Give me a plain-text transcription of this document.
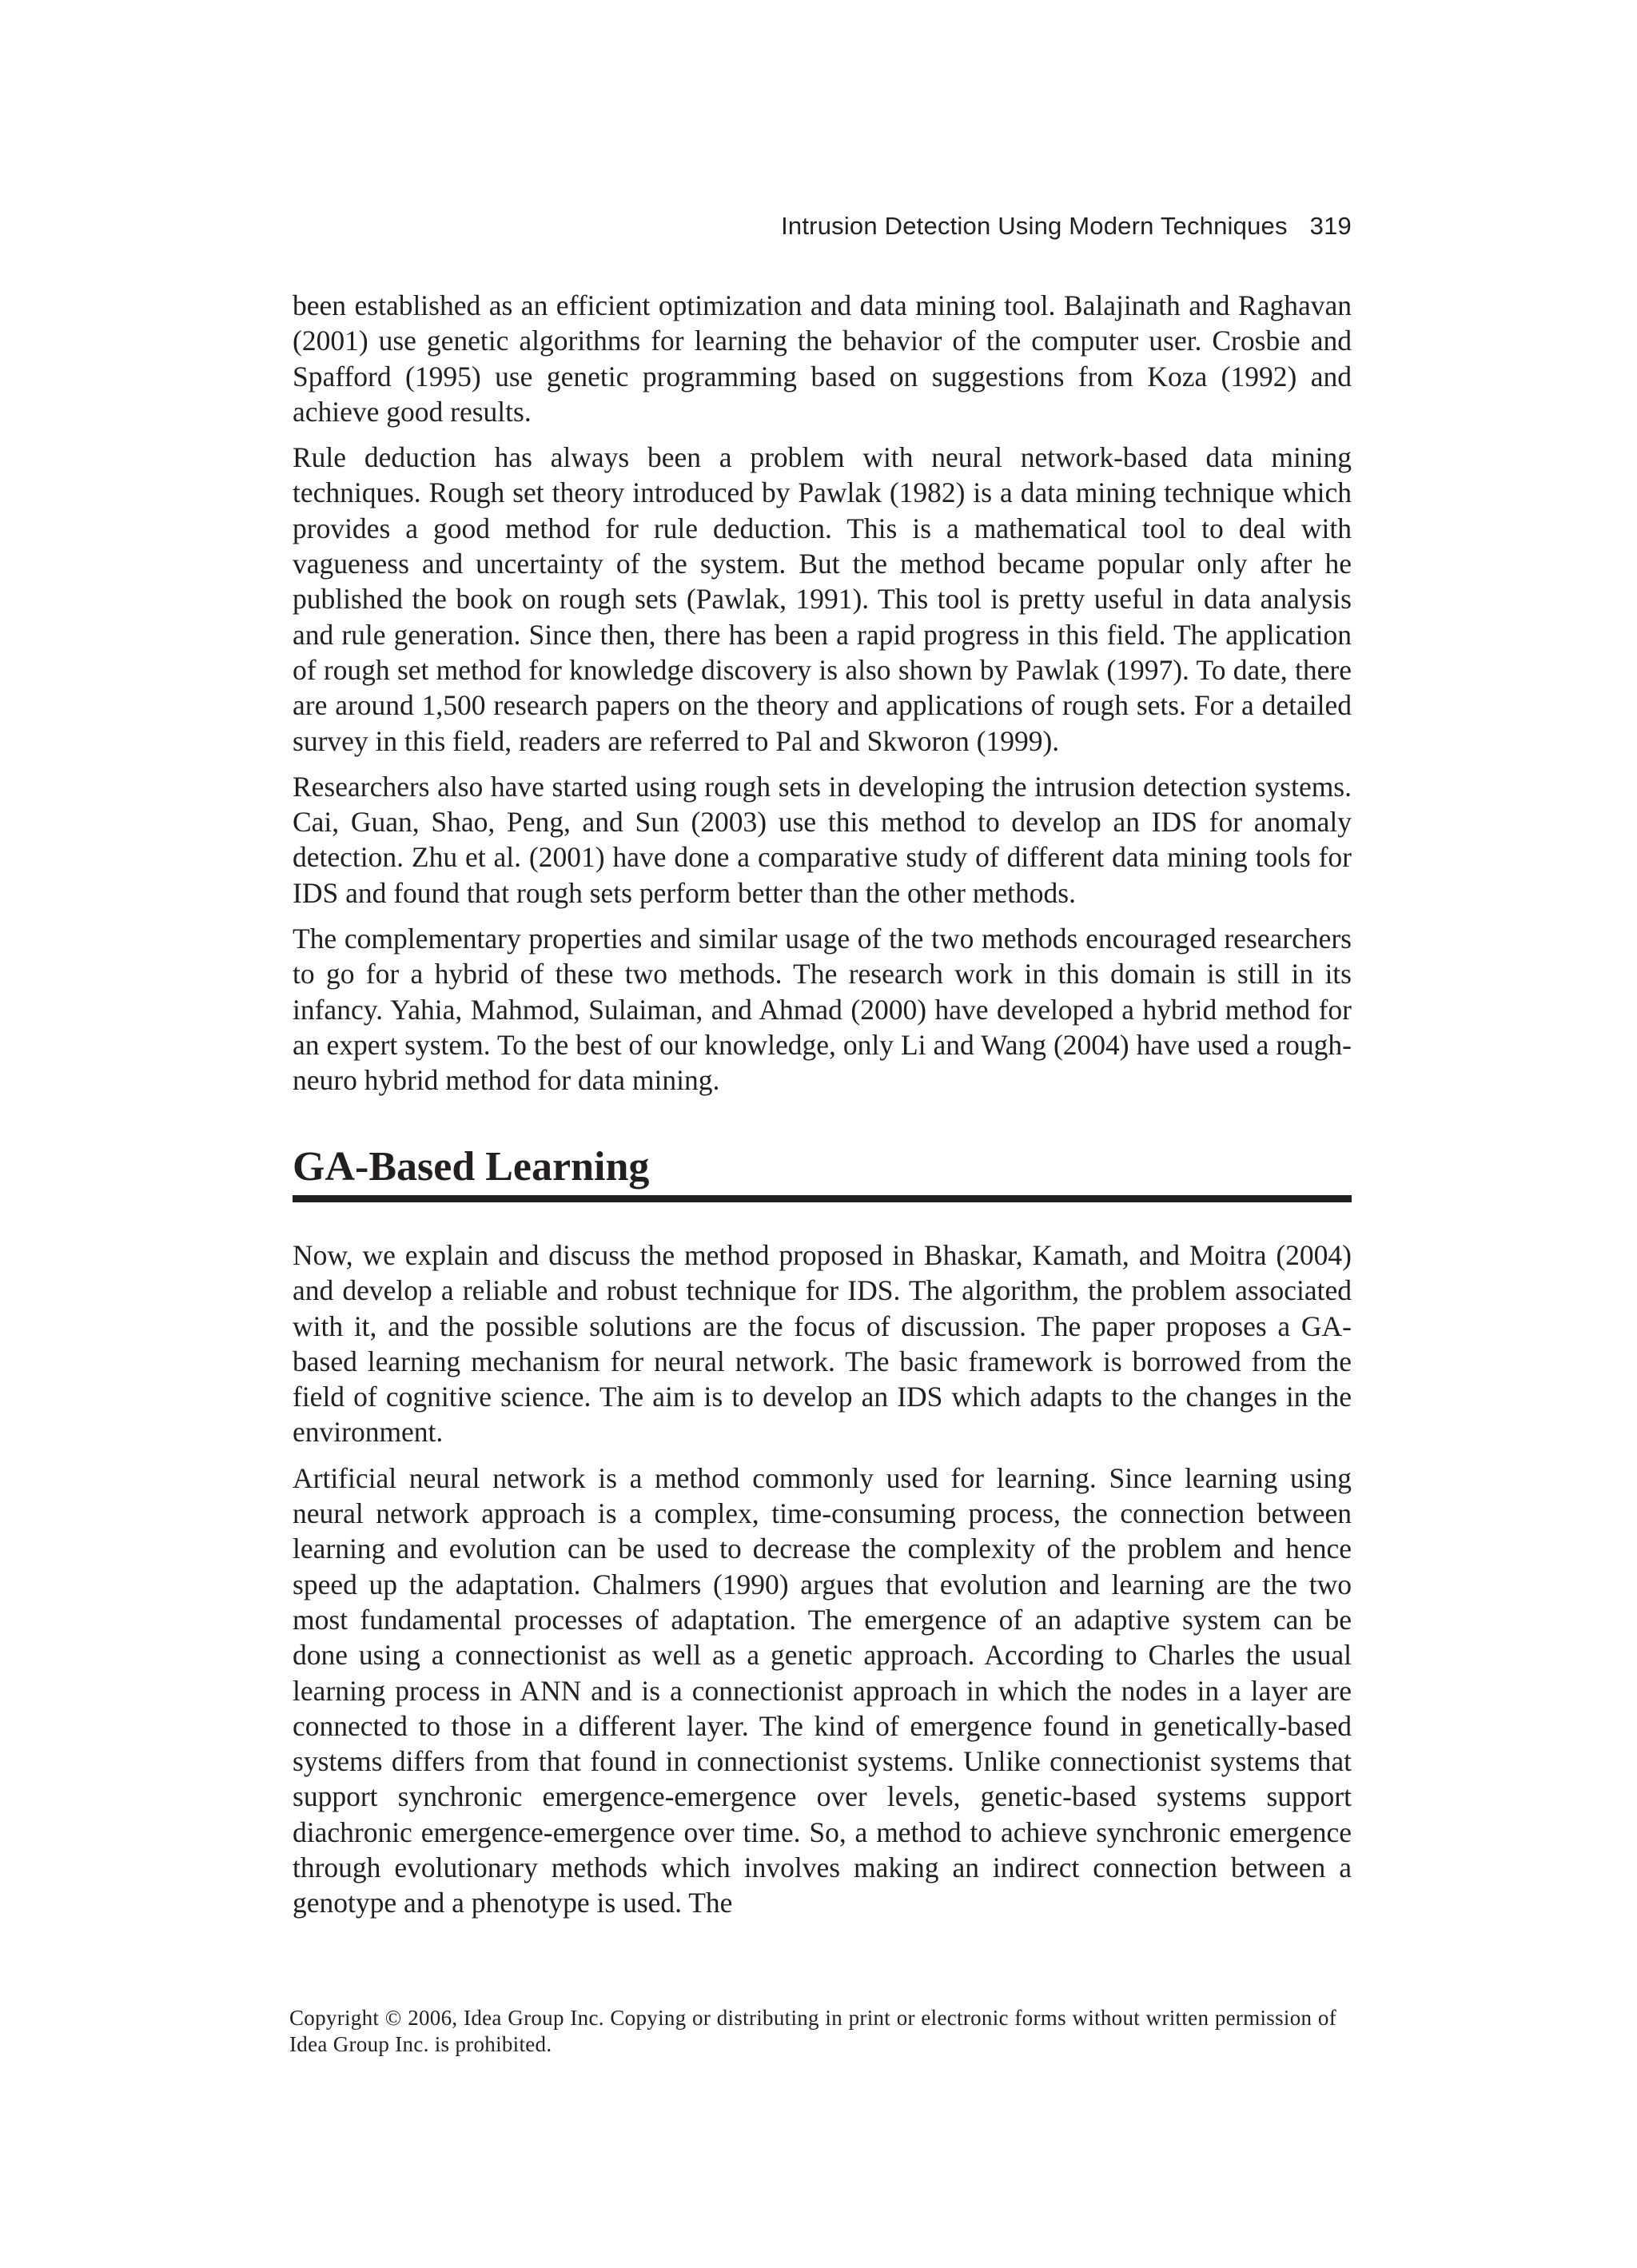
Intrusion Detection Using Modern Techniques 319

been established as an efficient optimization and data mining tool. Balajinath and Raghavan (2001) use genetic algorithms for learning the behavior of the computer user. Crosbie and Spafford (1995) use genetic programming based on suggestions from Koza (1992) and achieve good results.

Rule deduction has always been a problem with neural network-based data mining techniques. Rough set theory introduced by Pawlak (1982) is a data mining technique which provides a good method for rule deduction. This is a mathematical tool to deal with vagueness and uncertainty of the system. But the method became popular only after he published the book on rough sets (Pawlak, 1991). This tool is pretty useful in data analysis and rule generation. Since then, there has been a rapid progress in this field. The application of rough set method for knowledge discovery is also shown by Pawlak (1997). To date, there are around 1,500 research papers on the theory and applications of rough sets. For a detailed survey in this field, readers are referred to Pal and Skworon (1999).

Researchers also have started using rough sets in developing the intrusion detection systems. Cai, Guan, Shao, Peng, and Sun (2003) use this method to develop an IDS for anomaly detection. Zhu et al. (2001) have done a comparative study of different data mining tools for IDS and found that rough sets perform better than the other methods.

The complementary properties and similar usage of the two methods encouraged researchers to go for a hybrid of these two methods. The research work in this domain is still in its infancy. Yahia, Mahmod, Sulaiman, and Ahmad (2000) have developed a hybrid method for an expert system. To the best of our knowledge, only Li and Wang (2004) have used a rough-neuro hybrid method for data mining.

GA-Based Learning

Now, we explain and discuss the method proposed in Bhaskar, Kamath, and Moitra (2004) and develop a reliable and robust technique for IDS. The algorithm, the problem associated with it, and the possible solutions are the focus of discussion. The paper proposes a GA-based learning mechanism for neural network. The basic framework is borrowed from the field of cognitive science. The aim is to develop an IDS which adapts to the changes in the environment.

Artificial neural network is a method commonly used for learning. Since learning using neural network approach is a complex, time-consuming process, the connection between learning and evolution can be used to decrease the complexity of the problem and hence speed up the adaptation. Chalmers (1990) argues that evolution and learning are the two most fundamental processes of adaptation. The emergence of an adaptive system can be done using a connectionist as well as a genetic approach. According to Charles the usual learning process in ANN and is a connectionist approach in which the nodes in a layer are connected to those in a different layer. The kind of emergence found in genetically-based systems differs from that found in connectionist systems. Unlike connectionist systems that support synchronic emergence-emergence over levels, genetic-based systems support diachronic emergence-emergence over time. So, a method to achieve synchronic emergence through evolutionary methods which involves making an indirect connection between a genotype and a phenotype is used. The

Copyright © 2006, Idea Group Inc. Copying or distributing in print or electronic forms without written permission of Idea Group Inc. is prohibited.
